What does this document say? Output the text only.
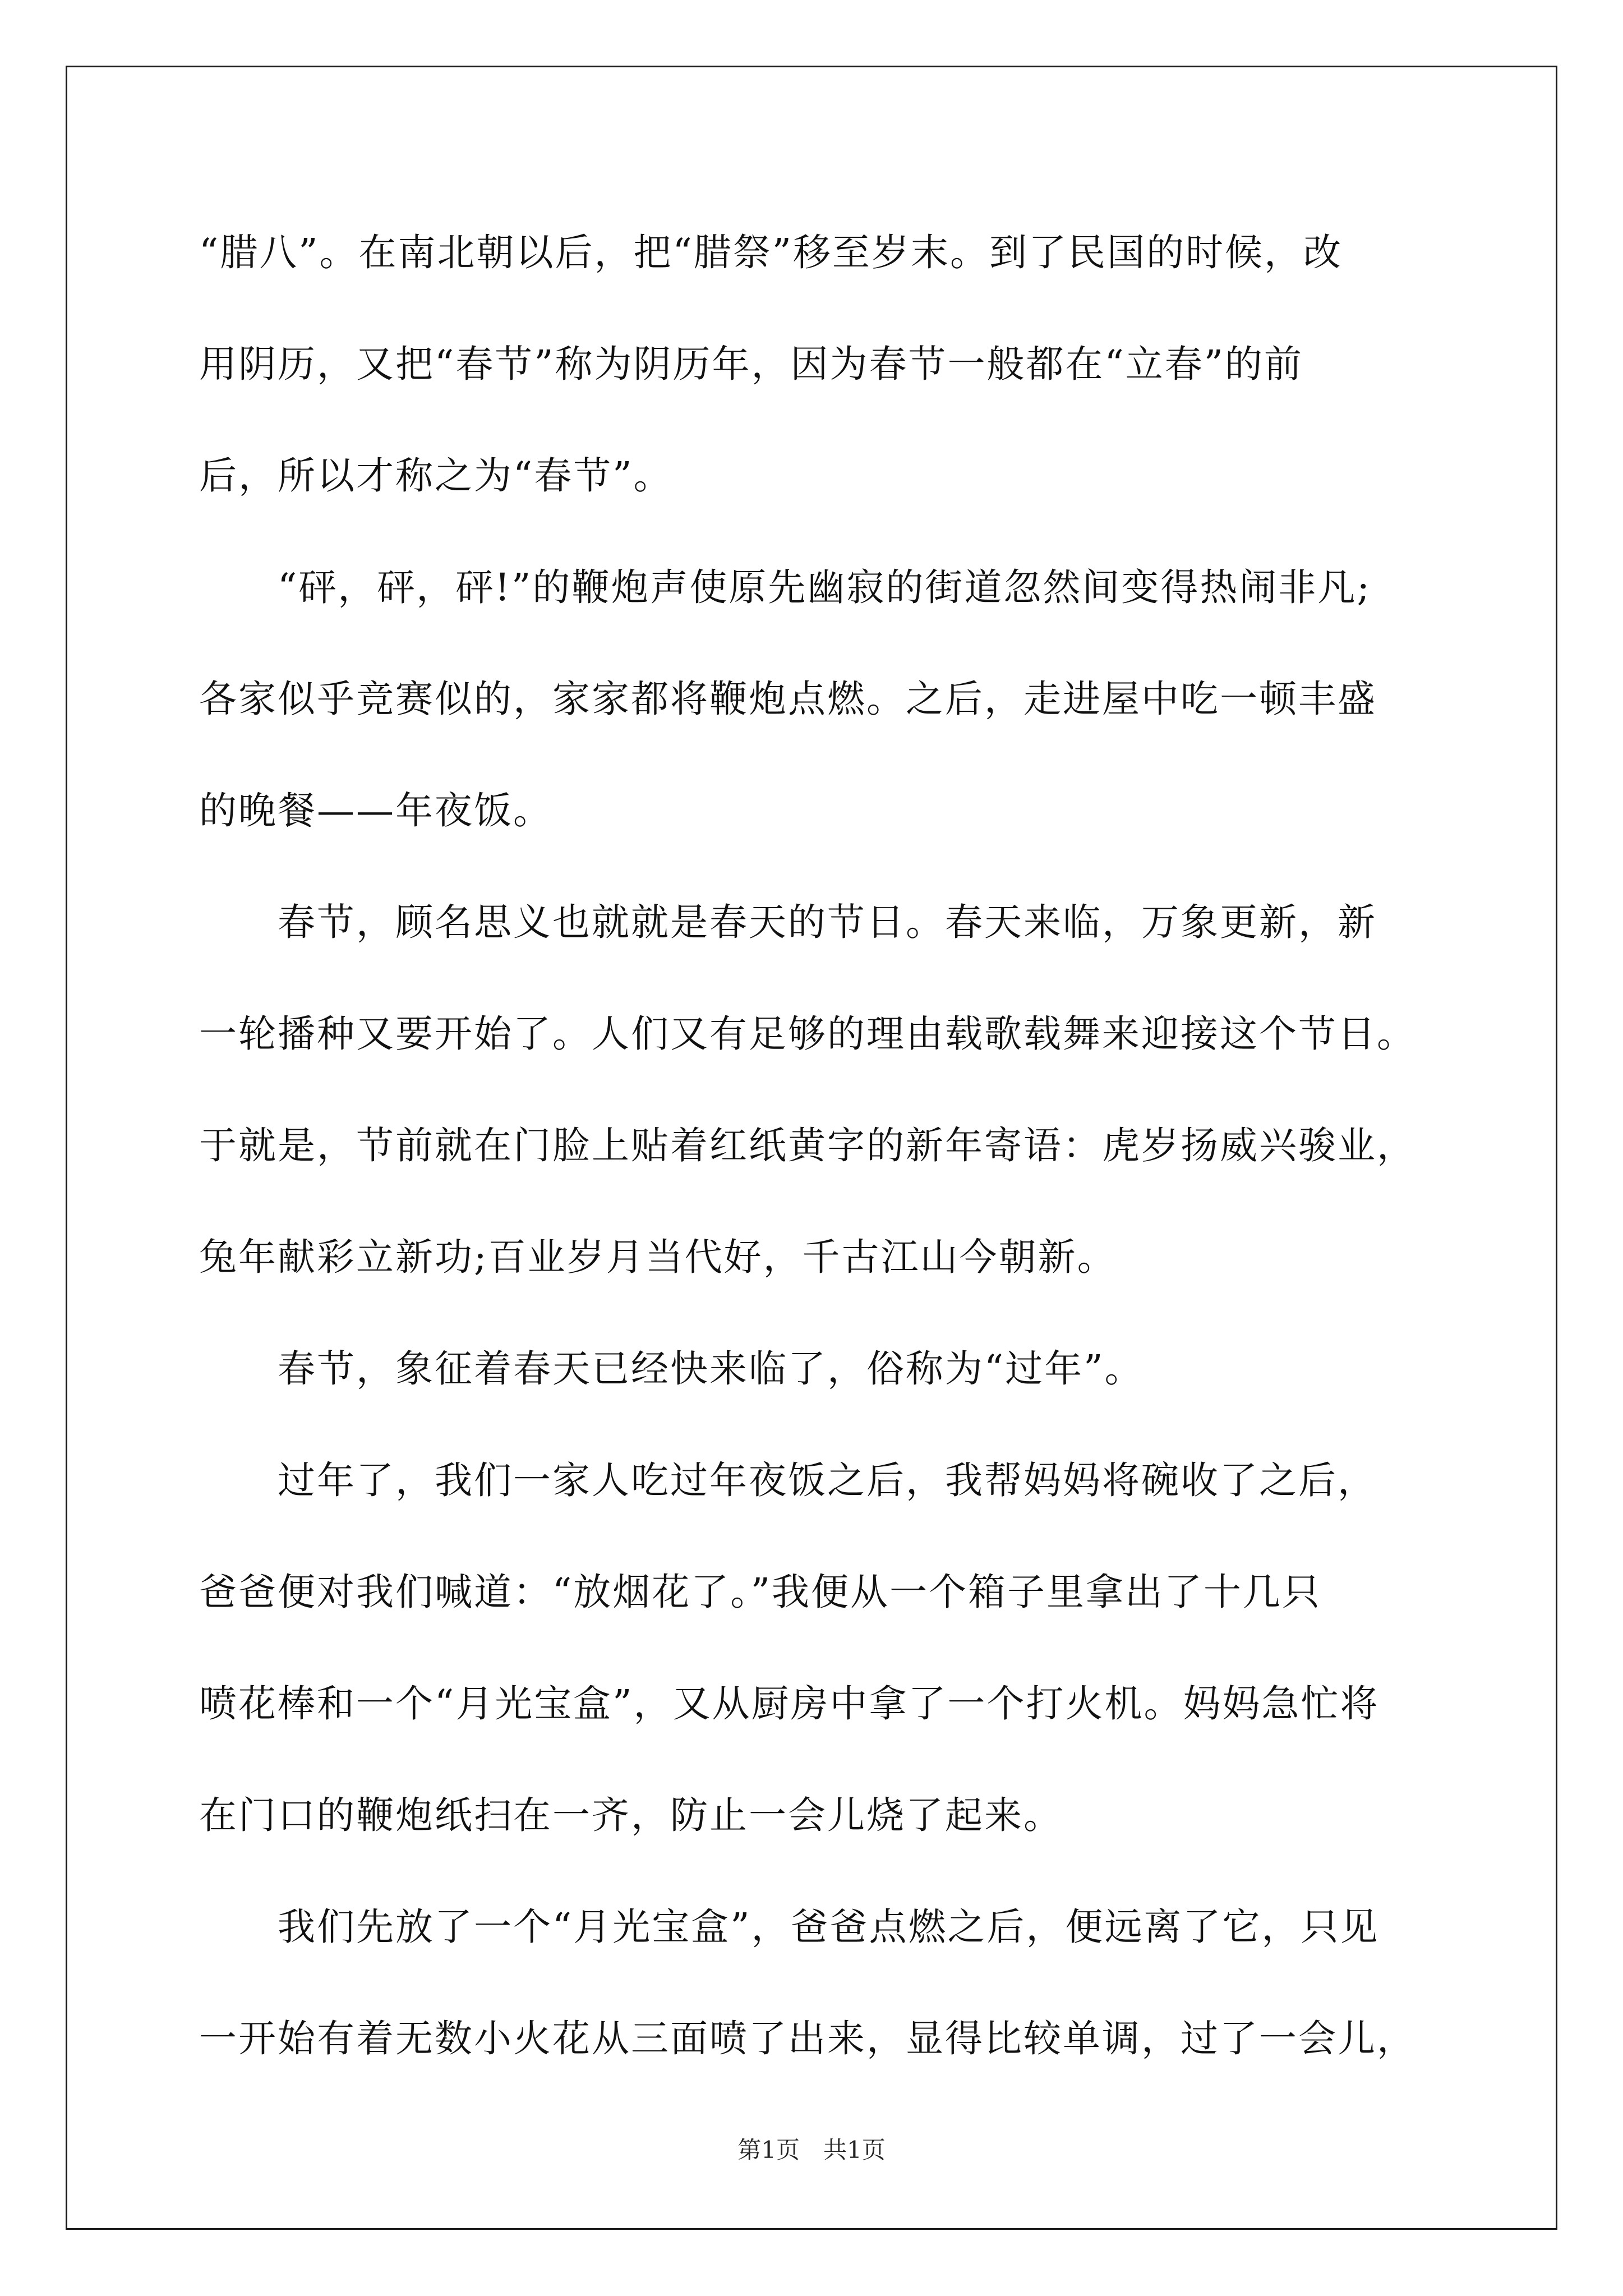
“腊八”。在南北朝以后，把“腊祭”移至岁末。到了民国的时候，改
用阴历，又把“春节”称为阴历年，因为春节一般都在“立春”的前
后，所以才称之为“春节”。
　　“砰，砰，砰!”的鞭炮声使原先幽寂的街道忽然间变得热闹非凡;
各家似乎竞赛似的，家家都将鞭炮点燃。之后，走进屋中吃一顿丰盛
的晚餐——年夜饭。
　　春节，顾名思义也就就是春天的节日。春天来临，万象更新，新
一轮播种又要开始了。人们又有足够的理由载歌载舞来迎接这个节日。
于就是，节前就在门脸上贴着红纸黄字的新年寄语：虎岁扬威兴骏业，
兔年献彩立新功;百业岁月当代好，千古江山今朝新。
　　春节，象征着春天已经快来临了，俗称为“过年”。
　　过年了，我们一家人吃过年夜饭之后，我帮妈妈将碗收了之后，
爸爸便对我们喊道：“放烟花了。”我便从一个箱子里拿出了十几只
喷花棒和一个“月光宝盒”，又从厨房中拿了一个打火机。妈妈急忙将
在门口的鞭炮纸扫在一齐，防止一会儿烧了起来。
　　我们先放了一个“月光宝盒”，爸爸点燃之后，便远离了它，只见
一开始有着无数小火花从三面喷了出来，显得比较单调，过了一会儿，
第1页　共1页
